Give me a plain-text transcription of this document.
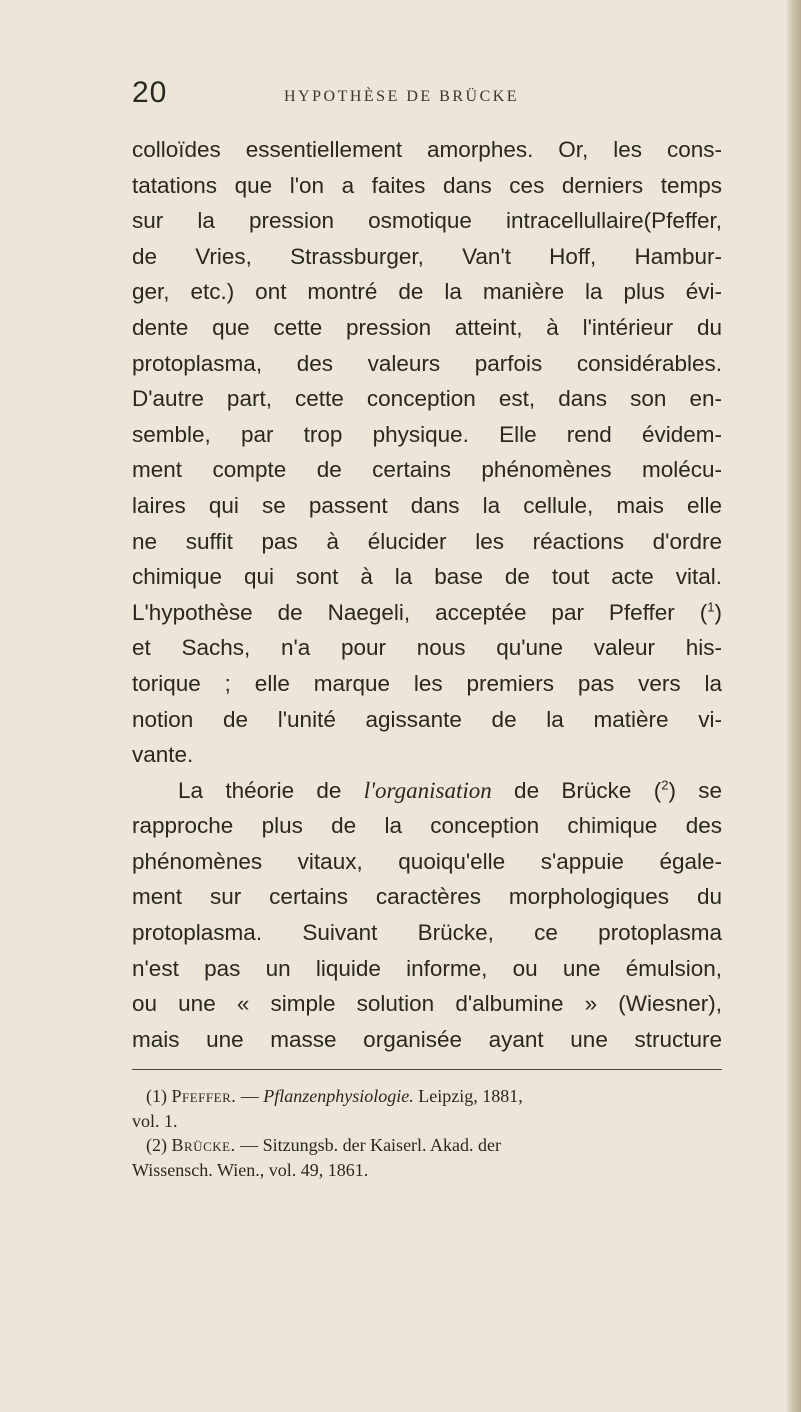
20	HYPOTHÈSE DE BRÜCKE
colloïdes essentiellement amorphes. Or, les cons-
tatations que l'on a faites dans ces derniers temps
sur la pression osmotique intracellullaire(Pfeffer,
de Vries, Strassburger, Van't Hoff, Hambur-
ger, etc.) ont montré de la manière la plus évi-
dente que cette pression atteint, à l'intérieur du
protoplasma, des valeurs parfois considérables.
D'autre part, cette conception est, dans son en-
semble, par trop physique. Elle rend évidem-
ment compte de certains phénomènes molécu-
laires qui se passent dans la cellule, mais elle
ne suffit pas à élucider les réactions d'ordre
chimique qui sont à la base de tout acte vital.
L'hypothèse de Naegeli, acceptée par Pfeffer ($^1$)
et Sachs, n'a pour nous qu'une valeur his-
torique ; elle marque les premiers pas vers la
notion de l'unité agissante de la matière vi-
vante.
La théorie de l'organisation de Brücke ($^2$) se
rapproche plus de la conception chimique des
phénomènes vitaux, quoiqu'elle s'appuie égale-
ment sur certains caractères morphologiques du
protoplasma. Suivant Brücke, ce protoplasma
n'est pas un liquide informe, ou une émulsion,
ou une « simple solution d'albumine » (Wiesner),
mais une masse organisée ayant une structure
(1) Pfeffer. — Pflanzenphysiologie. Leipzig, 1881,
vol. 1.
(2) Brücke. — Sitzungsb. der Kaiserl. Akad. der
Wissensch. Wien., vol. 49, 1861.
